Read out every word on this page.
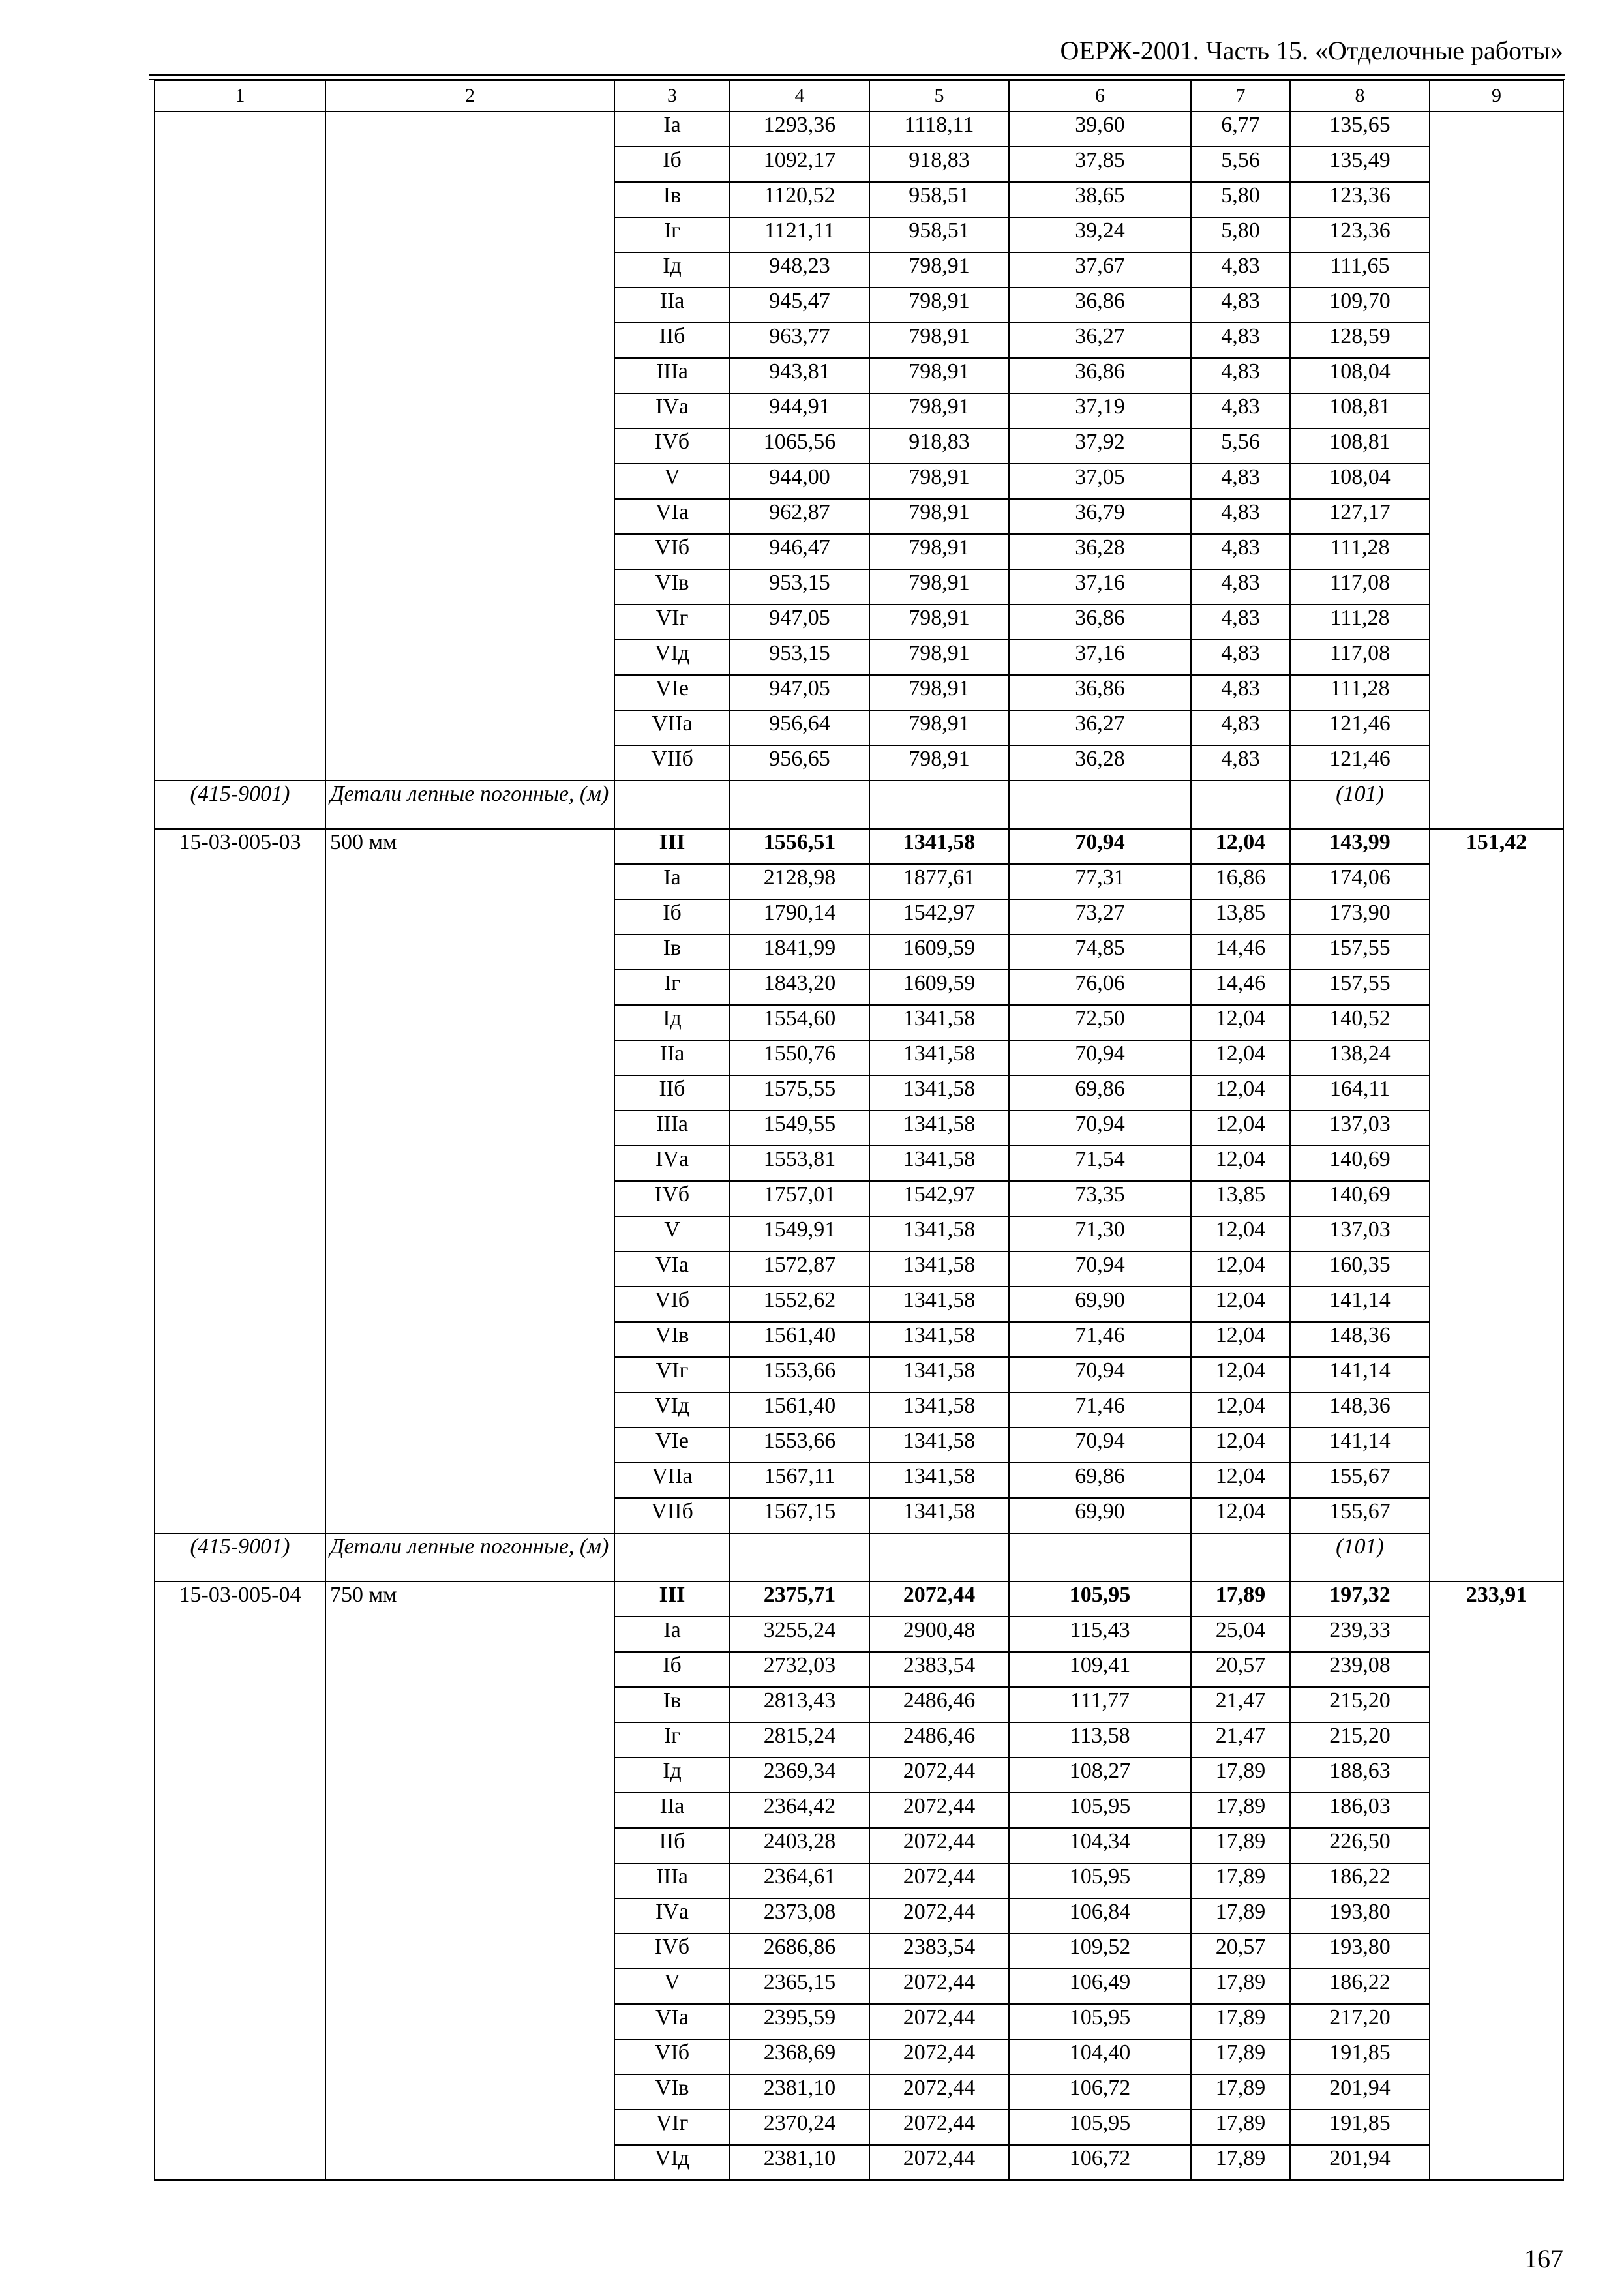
ОЕРЖ-2001. Часть 15. «Отделочные работы»
1	2	3	4	5	6	7	8	9
		Iа	1293,36	1118,11	39,60	6,77	135,65	
		Iб	1092,17	918,83	37,85	5,56	135,49	
		Iв	1120,52	958,51	38,65	5,80	123,36	
		Iг	1121,11	958,51	39,24	5,80	123,36	
		Iд	948,23	798,91	37,67	4,83	111,65	
		IIа	945,47	798,91	36,86	4,83	109,70	
		IIб	963,77	798,91	36,27	4,83	128,59	
		IIIа	943,81	798,91	36,86	4,83	108,04	
		IVа	944,91	798,91	37,19	4,83	108,81	
		IVб	1065,56	918,83	37,92	5,56	108,81	
		V	944,00	798,91	37,05	4,83	108,04	
		VIа	962,87	798,91	36,79	4,83	127,17	
		VIб	946,47	798,91	36,28	4,83	111,28	
		VIв	953,15	798,91	37,16	4,83	117,08	
		VIг	947,05	798,91	36,86	4,83	111,28	
		VIд	953,15	798,91	37,16	4,83	117,08	
		VIе	947,05	798,91	36,86	4,83	111,28	
		VIIа	956,64	798,91	36,27	4,83	121,46	
		VIIб	956,65	798,91	36,28	4,83	121,46	
(415-9001)	Детали лепные погонные, (м)						(101)	
15-03-005-03	500 мм	III	1556,51	1341,58	70,94	12,04	143,99	151,42
		Iа	2128,98	1877,61	77,31	16,86	174,06	
		Iб	1790,14	1542,97	73,27	13,85	173,90	
		Iв	1841,99	1609,59	74,85	14,46	157,55	
		Iг	1843,20	1609,59	76,06	14,46	157,55	
		Iд	1554,60	1341,58	72,50	12,04	140,52	
		IIа	1550,76	1341,58	70,94	12,04	138,24	
		IIб	1575,55	1341,58	69,86	12,04	164,11	
		IIIа	1549,55	1341,58	70,94	12,04	137,03	
		IVа	1553,81	1341,58	71,54	12,04	140,69	
		IVб	1757,01	1542,97	73,35	13,85	140,69	
		V	1549,91	1341,58	71,30	12,04	137,03	
		VIа	1572,87	1341,58	70,94	12,04	160,35	
		VIб	1552,62	1341,58	69,90	12,04	141,14	
		VIв	1561,40	1341,58	71,46	12,04	148,36	
		VIг	1553,66	1341,58	70,94	12,04	141,14	
		VIд	1561,40	1341,58	71,46	12,04	148,36	
		VIе	1553,66	1341,58	70,94	12,04	141,14	
		VIIа	1567,11	1341,58	69,86	12,04	155,67	
		VIIб	1567,15	1341,58	69,90	12,04	155,67	
(415-9001)	Детали лепные погонные, (м)						(101)	
15-03-005-04	750 мм	III	2375,71	2072,44	105,95	17,89	197,32	233,91
		Iа	3255,24	2900,48	115,43	25,04	239,33	
		Iб	2732,03	2383,54	109,41	20,57	239,08	
		Iв	2813,43	2486,46	111,77	21,47	215,20	
		Iг	2815,24	2486,46	113,58	21,47	215,20	
		Iд	2369,34	2072,44	108,27	17,89	188,63	
		IIа	2364,42	2072,44	105,95	17,89	186,03	
		IIб	2403,28	2072,44	104,34	17,89	226,50	
		IIIа	2364,61	2072,44	105,95	17,89	186,22	
		IVа	2373,08	2072,44	106,84	17,89	193,80	
		IVб	2686,86	2383,54	109,52	20,57	193,80	
		V	2365,15	2072,44	106,49	17,89	186,22	
		VIа	2395,59	2072,44	105,95	17,89	217,20	
		VIб	2368,69	2072,44	104,40	17,89	191,85	
		VIв	2381,10	2072,44	106,72	17,89	201,94	
		VIг	2370,24	2072,44	105,95	17,89	191,85	
		VIд	2381,10	2072,44	106,72	17,89	201,94	
167
